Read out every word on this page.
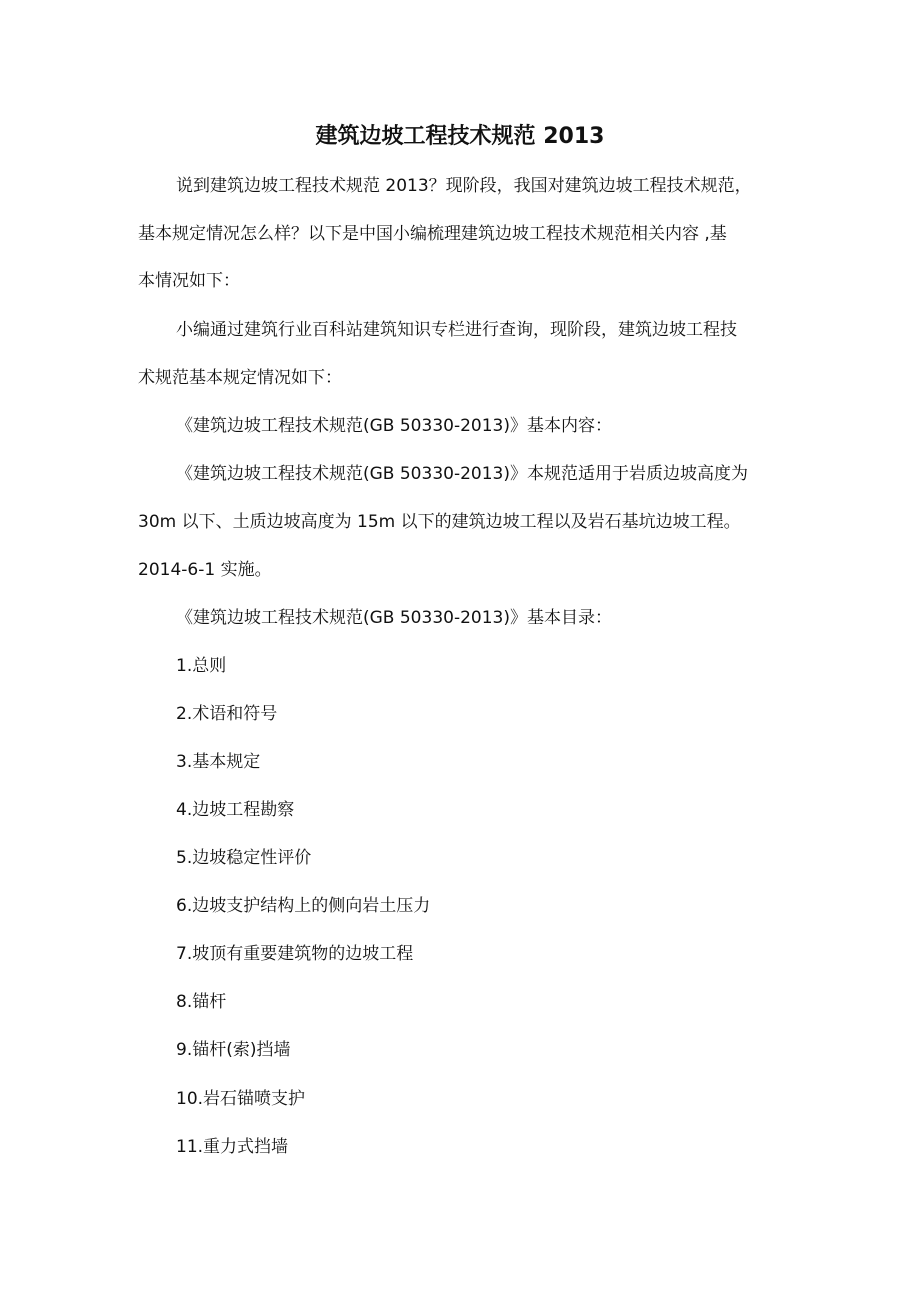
建筑边坡工程技术规范 2013

说到建筑边坡工程技术规范 2013？现阶段，我国对建筑边坡工程技术规范，

基本规定情况怎么样？以下是中国小编梳理建筑边坡工程技术规范相关内容 ,基

本情况如下：

小编通过建筑行业百科站建筑知识专栏进行查询，现阶段，建筑边坡工程技

术规范基本规定情况如下：

《建筑边坡工程技术规范(GB 50330-2013)》基本内容：

《建筑边坡工程技术规范(GB 50330-2013)》本规范适用于岩质边坡高度为

30m 以下、土质边坡高度为 15m 以下的建筑边坡工程以及岩石基坑边坡工程。

2014-6-1 实施。

《建筑边坡工程技术规范(GB 50330-2013)》基本目录：

1.总则

2.术语和符号

3.基本规定

4.边坡工程勘察

5.边坡稳定性评价

6.边坡支护结构上的侧向岩土压力

7.坡顶有重要建筑物的边坡工程

8.锚杆

9.锚杆(索)挡墙

10.岩石锚喷支护

11.重力式挡墙
